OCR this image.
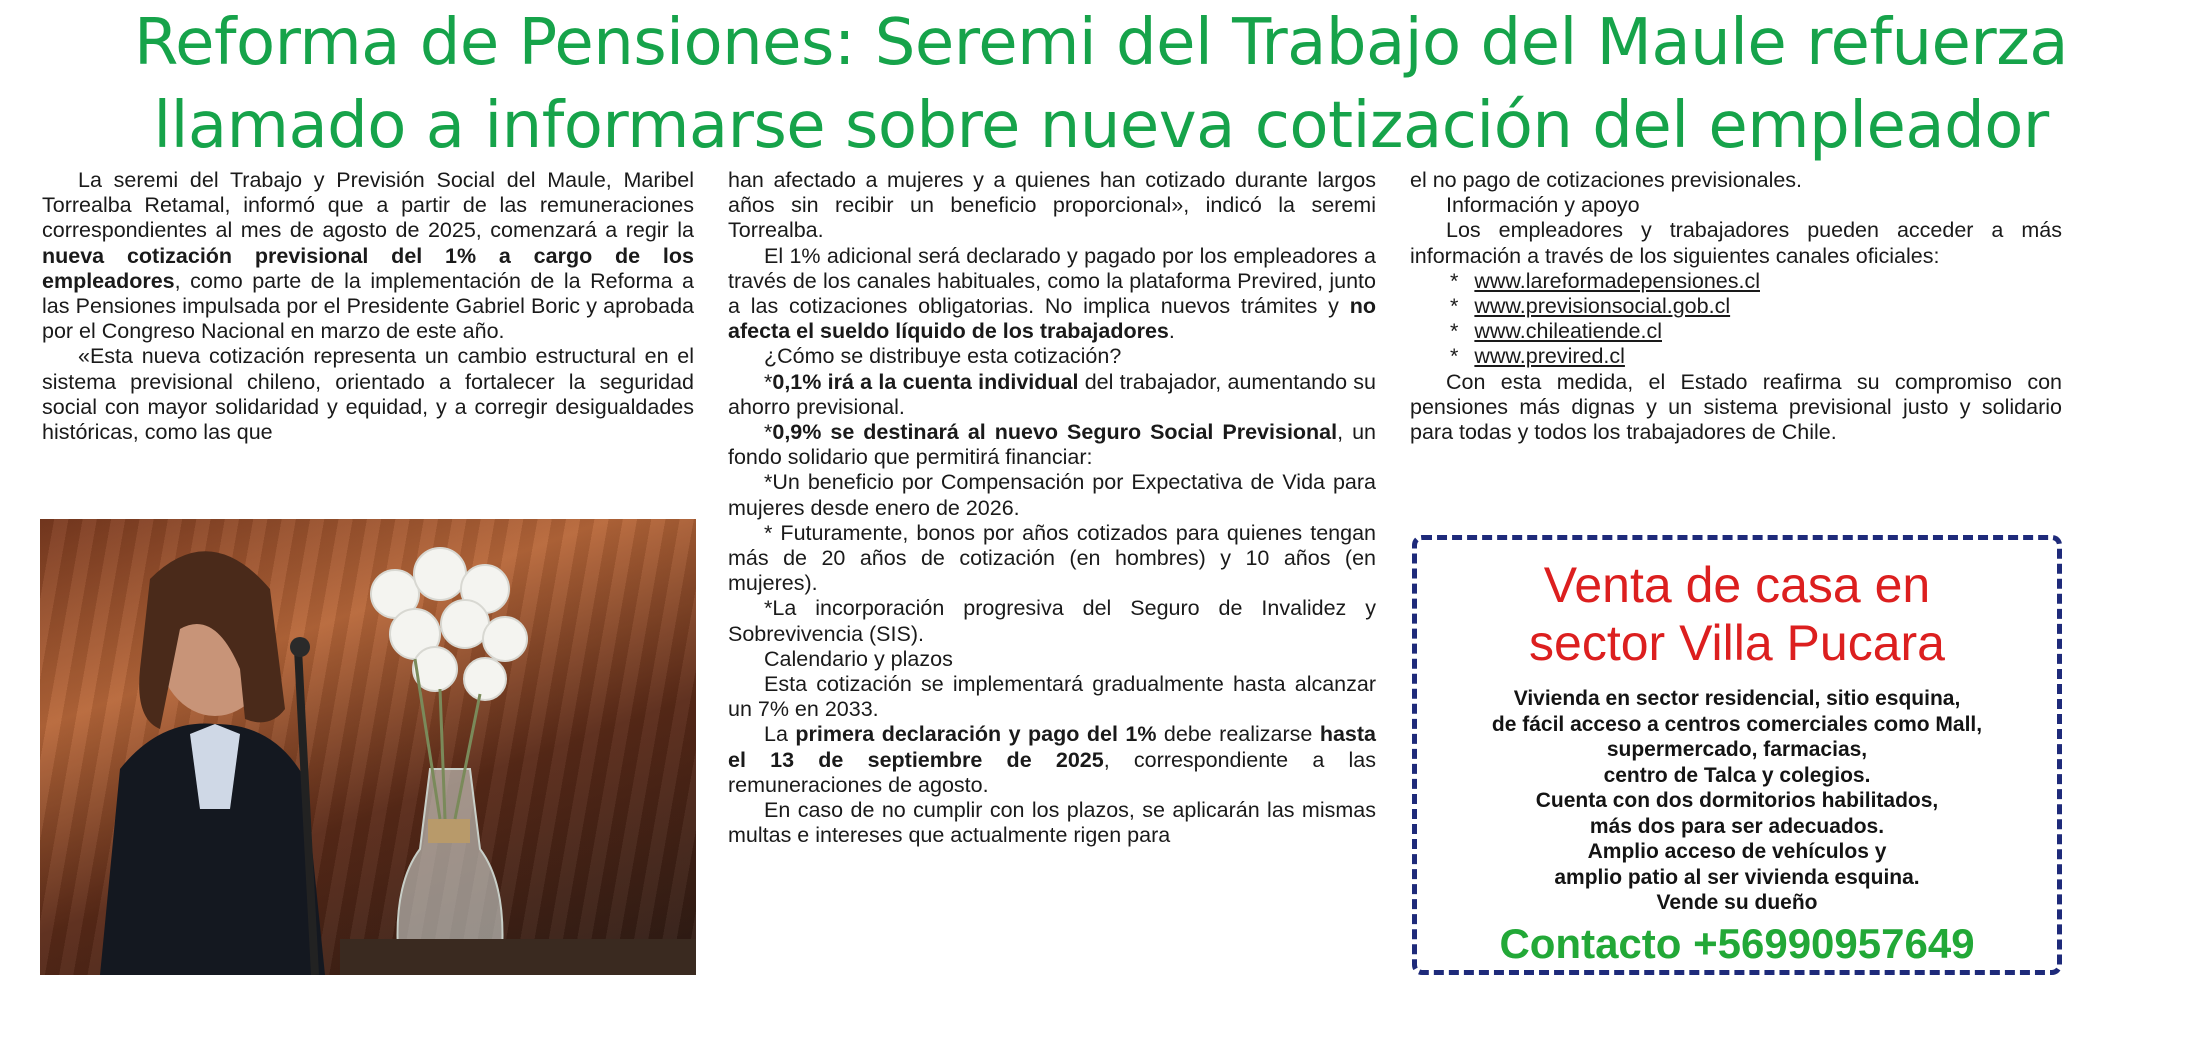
Reforma de Pensiones: Seremi del Trabajo del Maule refuerza
llamado a informarse sobre nueva cotización del empleador

La seremi del Trabajo y Previsión Social del Maule, Maribel Torrealba Retamal, informó que a partir de las remuneraciones correspondientes al mes de agosto de 2025, comenzará a regir la nueva cotización previsional del 1% a cargo de los empleadores, como parte de la implementación de la Reforma a las Pensiones impulsada por el Presidente Gabriel Boric y aprobada por el Congreso Nacional en marzo de este año.

«Esta nueva cotización representa un cambio estructural en el sistema previsional chileno, orientado a fortalecer la seguridad social con mayor solidaridad y equidad, y a corregir desigualdades históricas, como las que

han afectado a mujeres y a quienes han cotizado durante largos años sin recibir un beneficio proporcional», indicó la seremi Torrealba.

El 1% adicional será declarado y pagado por los empleadores a través de los canales habituales, como la plataforma Previred, junto a las cotizaciones obligatorias. No implica nuevos trámites y no afecta el sueldo líquido de los trabajadores.

¿Cómo se distribuye esta cotización?

*0,1% irá a la cuenta individual del trabajador, aumentando su ahorro previsional.

*0,9% se destinará al nuevo Seguro Social Previsional, un fondo solidario que permitirá financiar:

*Un beneficio por Compensación por Expectativa de Vida para mujeres desde enero de 2026.

* Futuramente, bonos por años cotizados para quienes tengan más de 20 años de cotización (en hombres) y 10 años (en mujeres).

*La incorporación progresiva del Seguro de Invalidez y Sobrevivencia (SIS).

Calendario y plazos

Esta cotización se implementará gradualmente hasta alcanzar un 7% en 2033.

La primera declaración y pago del 1% debe realizarse hasta el 13 de septiembre de 2025, correspondiente a las remuneraciones de agosto.

En caso de no cumplir con los plazos, se aplicarán las mismas multas e intereses que actualmente rigen para

el no pago de cotizaciones previsionales.

Información y apoyo

Los empleadores y trabajadores pueden acceder a más información a través de los siguientes canales oficiales:

* www.lareformadepensiones.cl
* www.previsionsocial.gob.cl
* www.chileatiende.cl
* www.previred.cl

Con esta medida, el Estado reafirma su compromiso con pensiones más dignas y un sistema previsional justo y solidario para todas y todos los trabajadores de Chile.

Venta de casa en
sector Villa Pucara
Vivienda en sector residencial, sitio esquina,
de fácil acceso a centros comerciales como Mall,
supermercado, farmacias,
centro de Talca y colegios.
Cuenta con dos dormitorios habilitados,
más dos para ser adecuados.
Amplio acceso de vehículos y
amplio patio al ser vivienda esquina.
Vende su dueño
Contacto +56990957649
